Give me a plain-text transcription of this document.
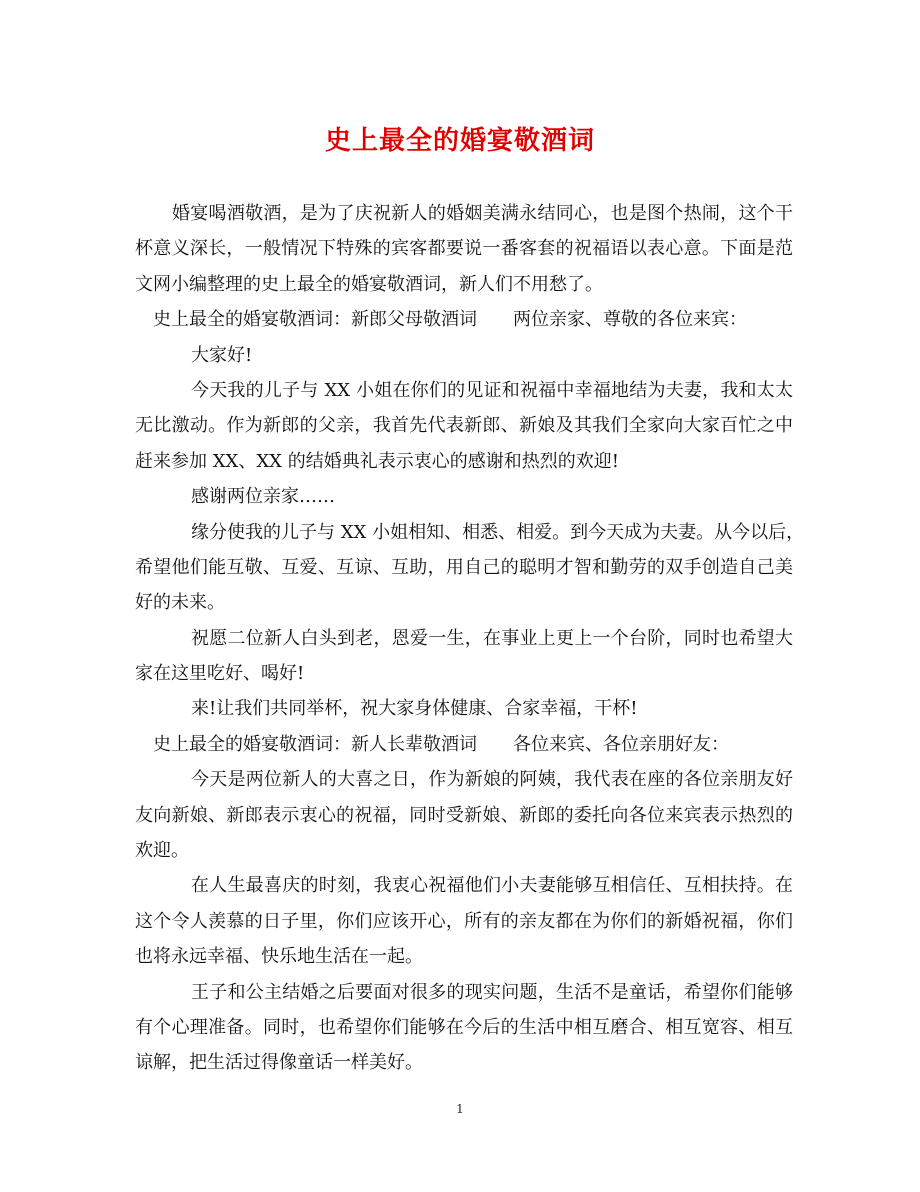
史上最全的婚宴敬酒词
婚宴喝酒敬酒，是为了庆祝新人的婚姻美满永结同心，也是图个热闹，这个干
杯意义深长，一般情况下特殊的宾客都要说一番客套的祝福语以表心意。下面是范
文网小编整理的史上最全的婚宴敬酒词，新人们不用愁了。
史上最全的婚宴敬酒词：新郎父母敬酒词　　两位亲家、尊敬的各位来宾：
大家好!
今天我的儿子与 XX 小姐在你们的见证和祝福中幸福地结为夫妻，我和太太
无比激动。作为新郎的父亲，我首先代表新郎、新娘及其我们全家向大家百忙之中
赶来参加 XX、XX 的结婚典礼表示衷心的感谢和热烈的欢迎!
感谢两位亲家……
缘分使我的儿子与 XX 小姐相知、相悉、相爱。到今天成为夫妻。从今以后，
希望他们能互敬、互爱、互谅、互助，用自己的聪明才智和勤劳的双手创造自己美
好的未来。
祝愿二位新人白头到老，恩爱一生，在事业上更上一个台阶，同时也希望大
家在这里吃好、喝好!
来!让我们共同举杯，祝大家身体健康、合家幸福，干杯!
史上最全的婚宴敬酒词：新人长辈敬酒词　　各位来宾、各位亲朋好友：
今天是两位新人的大喜之日，作为新娘的阿姨，我代表在座的各位亲朋友好
友向新娘、新郎表示衷心的祝福，同时受新娘、新郎的委托向各位来宾表示热烈的
欢迎。
在人生最喜庆的时刻，我衷心祝福他们小夫妻能够互相信任、互相扶持。在
这个令人羡慕的日子里，你们应该开心，所有的亲友都在为你们的新婚祝福，你们
也将永远幸福、快乐地生活在一起。
王子和公主结婚之后要面对很多的现实问题，生活不是童话，希望你们能够
有个心理准备。同时，也希望你们能够在今后的生活中相互磨合、相互宽容、相互
谅解，把生活过得像童话一样美好。
1
